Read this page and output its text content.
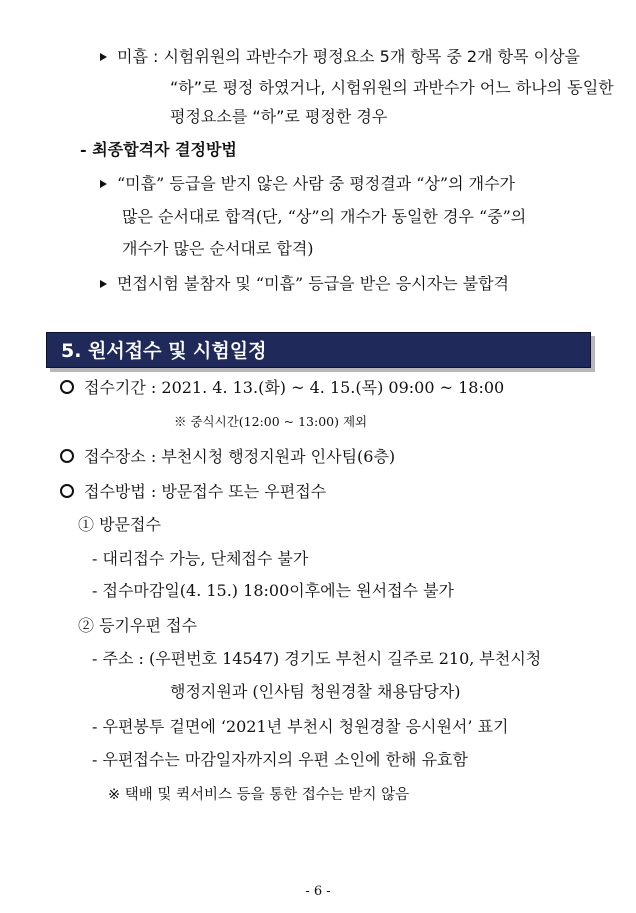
미흡 : 시험위원의 과반수가 평정요소 5개 항목 중 2개 항목 이상을
“하”로 평정 하였거나, 시험위원의 과반수가 어느 하나의 동일한
평정요소를 “하”로 평정한 경우
- 최종합격자 결정방법
“미흡” 등급을 받지 않은 사람 중 평정결과 “상”의 개수가
많은 순서대로 합격(단, “상”의 개수가 동일한 경우 “중”의
개수가 많은 순서대로 합격)
면접시험 불참자 및 “미흡” 등급을 받은 응시자는 불합격
5. 원서접수 및 시험일정
접수기간 : 2021. 4. 13.(화) ~ 4. 15.(목) 09:00 ~ 18:00
※ 중식시간(12:00 ~ 13:00) 제외
접수장소 : 부천시청 행정지원과 인사팀(6층)
접수방법 : 방문접수 또는 우편접수
① 방문접수
- 대리접수 가능, 단체접수 불가
- 접수마감일(4. 15.) 18:00이후에는 원서접수 불가
② 등기우편 접수
- 주소 : (우편번호 14547) 경기도 부천시 길주로 210, 부천시청
행정지원과 (인사팀 청원경찰 채용담당자)
- 우편봉투 겉면에 ‘2021년 부천시 청원경찰 응시원서’ 표기
- 우편접수는 마감일자까지의 우편 소인에 한해 유효함
※ 택배 및 퀵서비스 등을 통한 접수는 받지 않음
- 6 -
